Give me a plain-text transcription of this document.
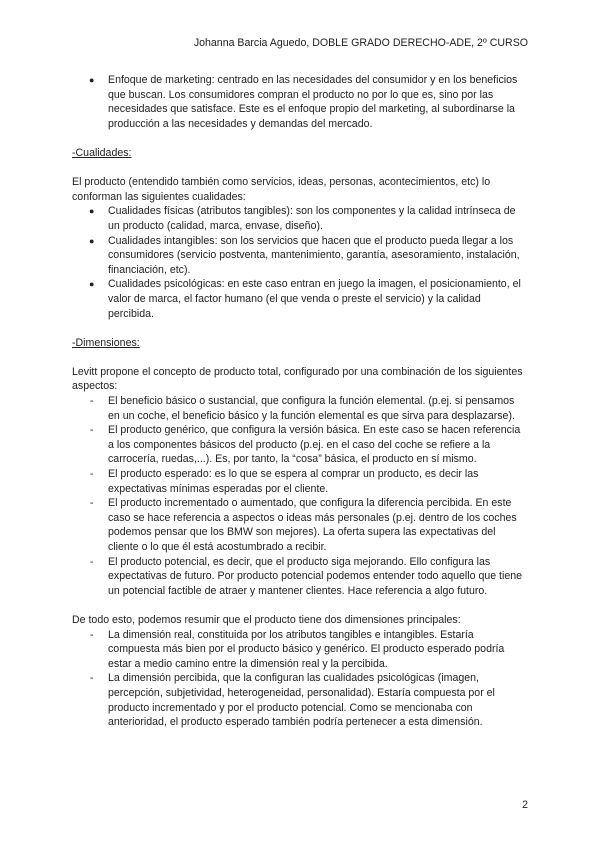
Johanna Barcia Aguedo, DOBLE GRADO DERECHO-ADE, 2º CURSO
● Enfoque de marketing: centrado en las necesidades del consumidor y en los beneficios que buscan. Los consumidores compran el producto no por lo que es, sino por las necesidades que satisface. Este es el enfoque propio del marketing, al subordinarse la producción a las necesidades y demandas del mercado.

-Cualidades:

El producto (entendido también como servicios, ideas, personas, acontecimientos, etc) lo conforman las siguientes cualidades:

● Cualidades físicas (atributos tangibles): son los componentes y la calidad intrínseca de un producto (calidad, marca, envase, diseño).
● Cualidades intangibles: son los servicios que hacen que el producto pueda llegar a los consumidores (servicio postventa, mantenimiento, garantía, asesoramiento, instalación, financiación, etc).
● Cualidades psicológicas: en este caso entran en juego la imagen, el posicionamiento, el valor de marca, el factor humano (el que venda o preste el servicio) y la calidad percibida.

-Dimensiones:

Levitt propone el concepto de producto total, configurado por una combinación de los siguientes aspectos:

- El beneficio básico o sustancial, que configura la función elemental. (p.ej. si pensamos en un coche, el beneficio básico y la función elemental es que sirva para desplazarse).
- El producto genérico, que configura la versión básica. En este caso se hacen referencia a los componentes básicos del producto (p.ej. en el caso del coche se refiere a la carrocería, ruedas,...). Es, por tanto, la “cosa” básica, el producto en sí mismo.
- El producto esperado: es lo que se espera al comprar un producto, es decir las expectativas mínimas esperadas por el cliente.
- El producto incrementado o aumentado, que configura la diferencia percibida. En este caso se hace referencia a aspectos o ideas más personales (p.ej. dentro de los coches podemos pensar que los BMW son mejores). La oferta supera las expectativas del cliente o lo que él está acostumbrado a recibir.
- El producto potencial, es decir, que el producto siga mejorando. Ello configura las expectativas de futuro. Por producto potencial podemos entender todo aquello que tiene un potencial factible de atraer y mantener clientes. Hace referencia a algo futuro.

De todo esto, podemos resumir que el producto tiene dos dimensiones principales:

- La dimensión real, constituida por los atributos tangibles e intangibles. Estaría compuesta más bien por el producto básico y genérico. El producto esperado podría estar a medio camino entre la dimensión real y la percibida.
- La dimensión percibida, que la configuran las cualidades psicológicas (imagen, percepción, subjetividad, heterogeneidad, personalidad). Estaría compuesta por el producto incrementado y por el producto potencial. Como se mencionaba con anterioridad, el producto esperado también podría pertenecer a esta dimensión.
2
